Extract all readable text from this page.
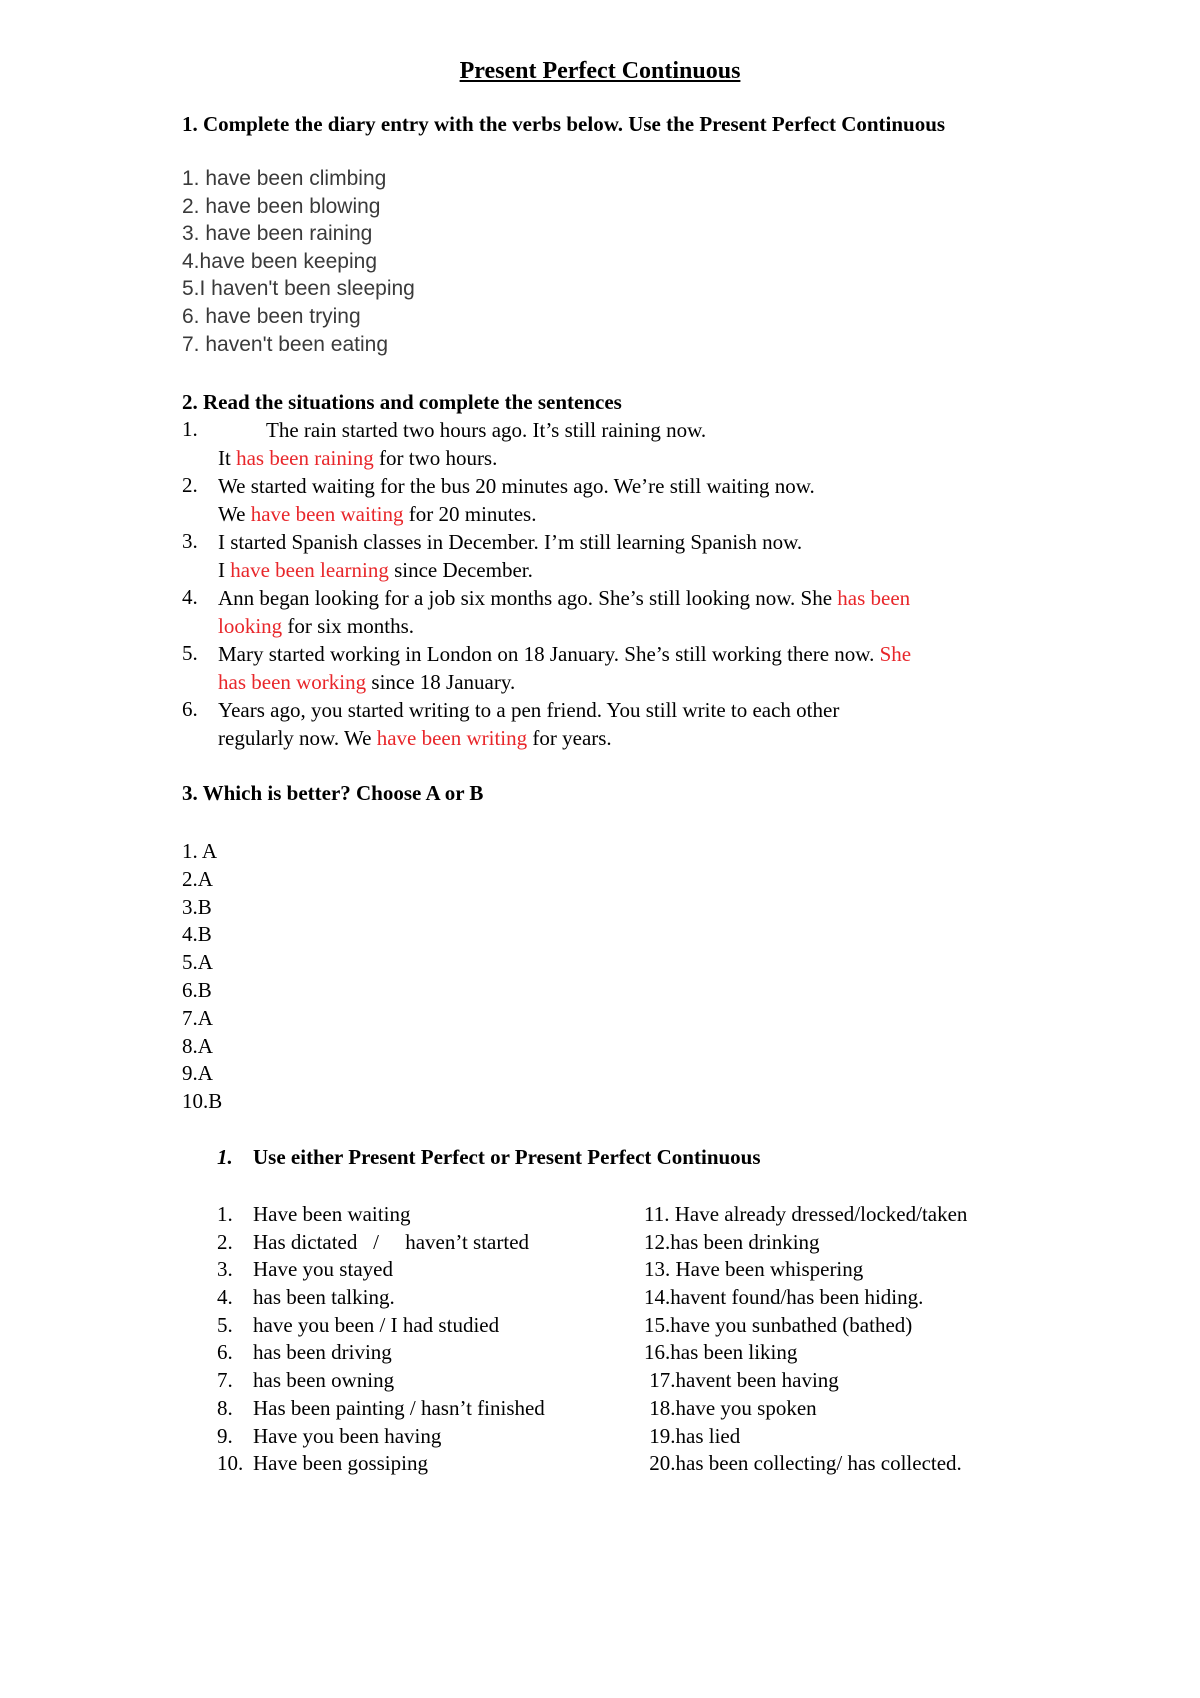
Present Perfect Continuous
1. Complete the diary entry with the verbs below. Use the Present Perfect Continuous
1. have been climbing
2. have been blowing
3. have been raining
4.have been keeping
5.I haven't been sleeping
6. have been trying
7. haven't been eating
2. Read the situations and complete the sentences
1.	The rain started two hours ago. It’s still raining now.
It has been raining for two hours.
2. We started waiting for the bus 20 minutes ago. We’re still waiting now.
We have been waiting for 20 minutes.
3. I started Spanish classes in December. I’m still learning Spanish now.
I have been learning since December.
4. Ann began looking for a job six months ago. She’s still looking now. She has been
looking for six months.
5. Mary started working in London on 18 January. She’s still working there now. She
has been working since 18 January.
6. Years ago, you started writing to a pen friend. You still write to each other
regularly now. We have been writing for years.
3. Which is better? Choose A or B
1. A
2.A
3.B
4.B
5.A
6.B
7.A
8.A
9.A
10.B
1. Use either Present Perfect or Present Perfect Continuous
1. Have been waiting
2. Has dictated   /     haven’t started
3. Have you stayed
4. has been talking.
5. have you been / I had studied
6. has been driving
7. has been owning
8. Has been painting / hasn’t finished
9. Have you been having
10. Have been gossiping
11. Have already dressed/locked/taken
12.has been drinking
13. Have been whispering
14.havent found/has been hiding.
15.have you sunbathed (bathed)
16.has been liking
17.havent been having
18.have you spoken
19.has lied
20.has been collecting/ has collected.
